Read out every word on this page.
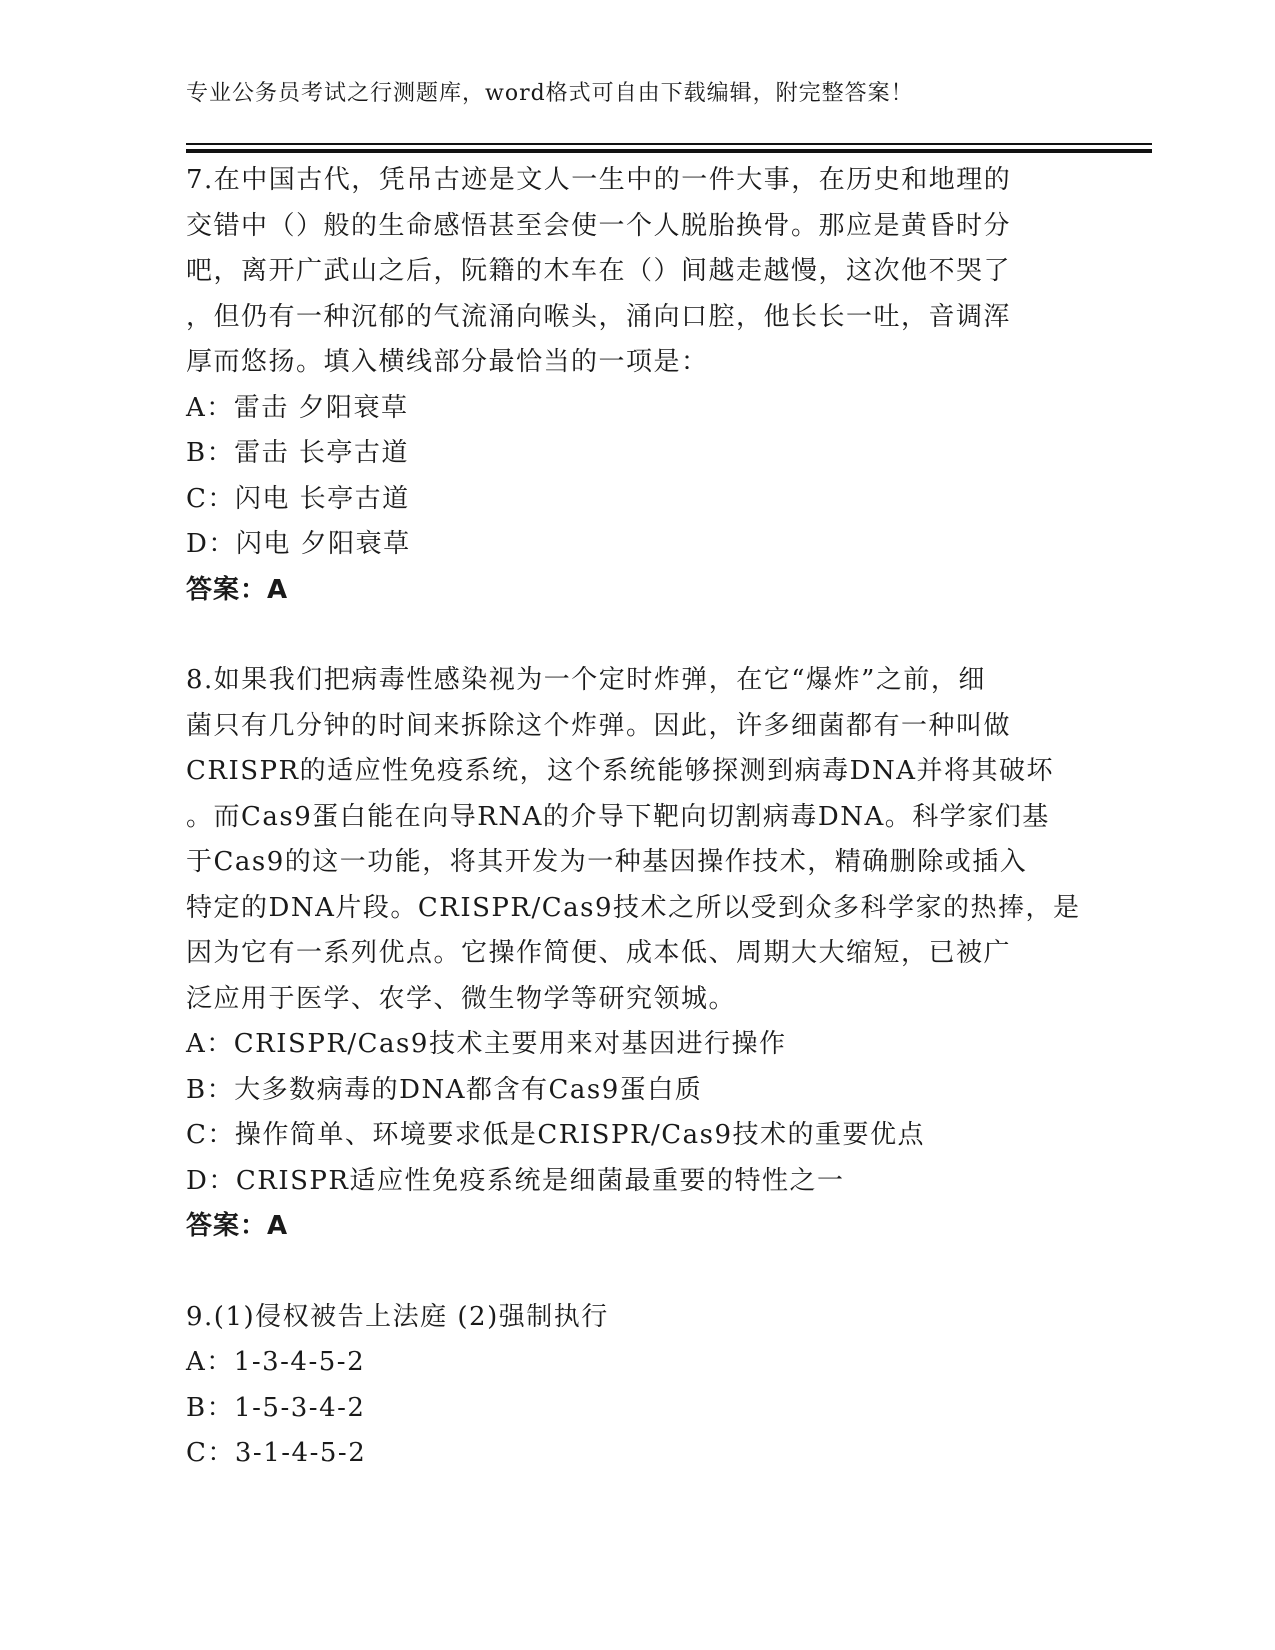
专业公务员考试之行测题库，word格式可自由下载编辑，附完整答案！
7.在中国古代，凭吊古迹是文人一生中的一件大事，在历史和地理的
交错中（）般的生命感悟甚至会使一个人脱胎换骨。那应是黄昏时分
吧，离开广武山之后，阮籍的木车在（）间越走越慢，这次他不哭了
，但仍有一种沉郁的气流涌向喉头，涌向口腔，他长长一吐，音调浑
厚而悠扬。填入横线部分最恰当的一项是：
A：雷击 夕阳衰草
B：雷击 长亭古道
C：闪电 长亭古道
D：闪电 夕阳衰草
答案：A
8.如果我们把病毒性感染视为一个定时炸弹，在它“爆炸”之前，细
菌只有几分钟的时间来拆除这个炸弹。因此，许多细菌都有一种叫做
CRISPR的适应性免疫系统，这个系统能够探测到病毒DNA并将其破坏
。而Cas9蛋白能在向导RNA的介导下靶向切割病毒DNA。科学家们基
于Cas9的这一功能，将其开发为一种基因操作技术，精确删除或插入
特定的DNA片段。CRISPR/Cas9技术之所以受到众多科学家的热捧，是
因为它有一系列优点。它操作简便、成本低、周期大大缩短，已被广
泛应用于医学、农学、微生物学等研究领城。
A：CRISPR/Cas9技术主要用来对基因进行操作
B：大多数病毒的DNA都含有Cas9蛋白质
C：操作简单、环境要求低是CRISPR/Cas9技术的重要优点
D：CRISPR适应性免疫系统是细菌最重要的特性之一
答案：A
9.(1)侵权被告上法庭 (2)强制执行
A：1-3-4-5-2
B：1-5-3-4-2
C：3-1-4-5-2
